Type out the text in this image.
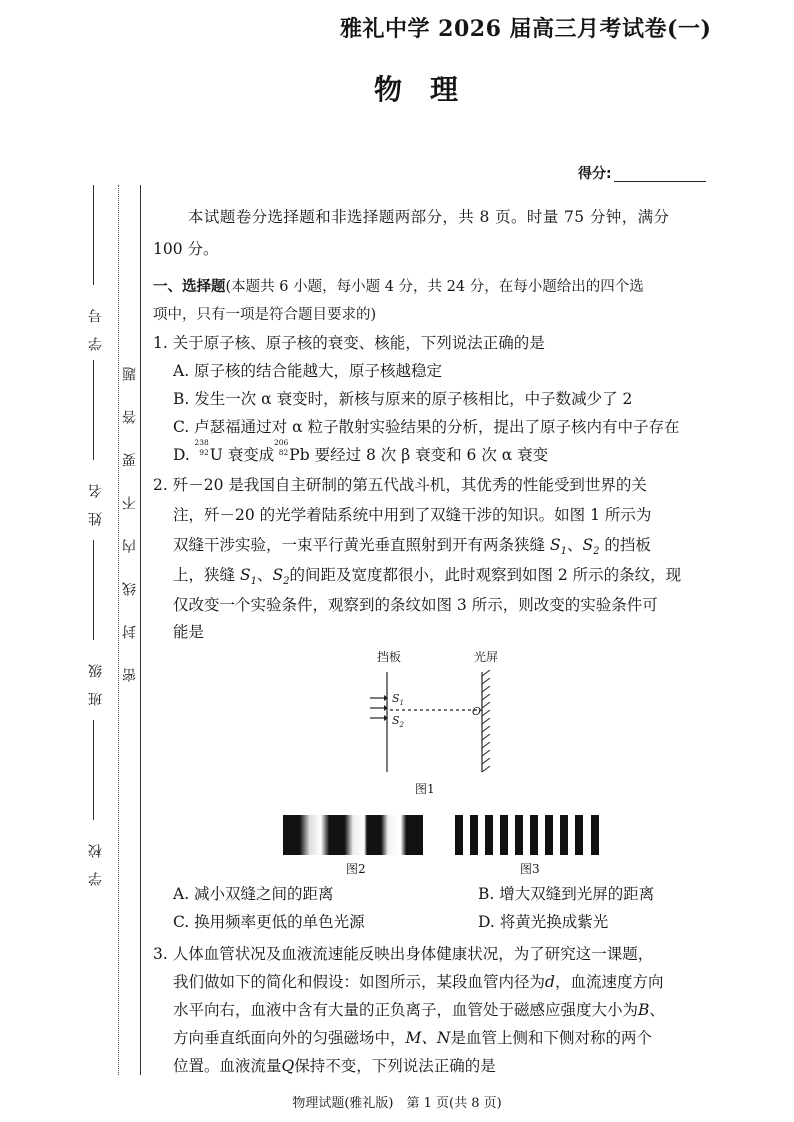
雅礼中学 2026 届高三月考试卷(一)
物理
得分:
学号
姓名
班级
学校
密
封
线
内
不
要
答
题
本试题卷分选择题和非选择题两部分，共 8 页。时量 75 分钟，满分
100 分。
一、选择题(本题共 6 小题，每小题 4 分，共 24 分，在每小题给出的四个选
项中，只有一项是符合题目要求的)
1. 关于原子核、原子核的衰变、核能，下列说法正确的是
A. 原子核的结合能越大，原子核越稳定
B. 发生一次 α 衰变时，新核与原来的原子核相比，中子数减少了 2
C. 卢瑟福通过对 α 粒子散射实验结果的分析，提出了原子核内有中子存在
D.
238
92 U 衰变成
206
82 Pb 要经过 8 次 β 衰变和 6 次 α 衰变
2. 歼－20 是我国自主研制的第五代战斗机，其优秀的性能受到世界的关
注，歼－20 的光学着陆系统中用到了双缝干涉的知识。如图 1 所示为
双缝干涉实验，一束平行黄光垂直照射到开有两条狭缝 $S_1$、$S_2$ 的挡板
上，狭缝 $S_1$、$S_2$的间距及宽度都很小，此时观察到如图 2 所示的条纹，现
仅改变一个实验条件，观察到的条纹如图 3 所示，则改变的实验条件可
能是
挡板	光屏
$S_1$
$S_2$
O
图1
图2	图3
A. 减小双缝之间的距离	B. 增大双缝到光屏的距离
C. 换用频率更低的单色光源	D. 将黄光换成紫光
3. 人体血管状况及血液流速能反映出身体健康状况，为了研究这一课题，
我们做如下的简化和假设：如图所示，某段血管内径为d，血流速度方向
水平向右，血液中含有大量的正负离子，血管处于磁感应强度大小为B、
方向垂直纸面向外的匀强磁场中，M、N是血管上侧和下侧对称的两个
位置。血液流量Q保持不变，下列说法正确的是
物理试题(雅礼版)　第 1 页(共 8 页)
